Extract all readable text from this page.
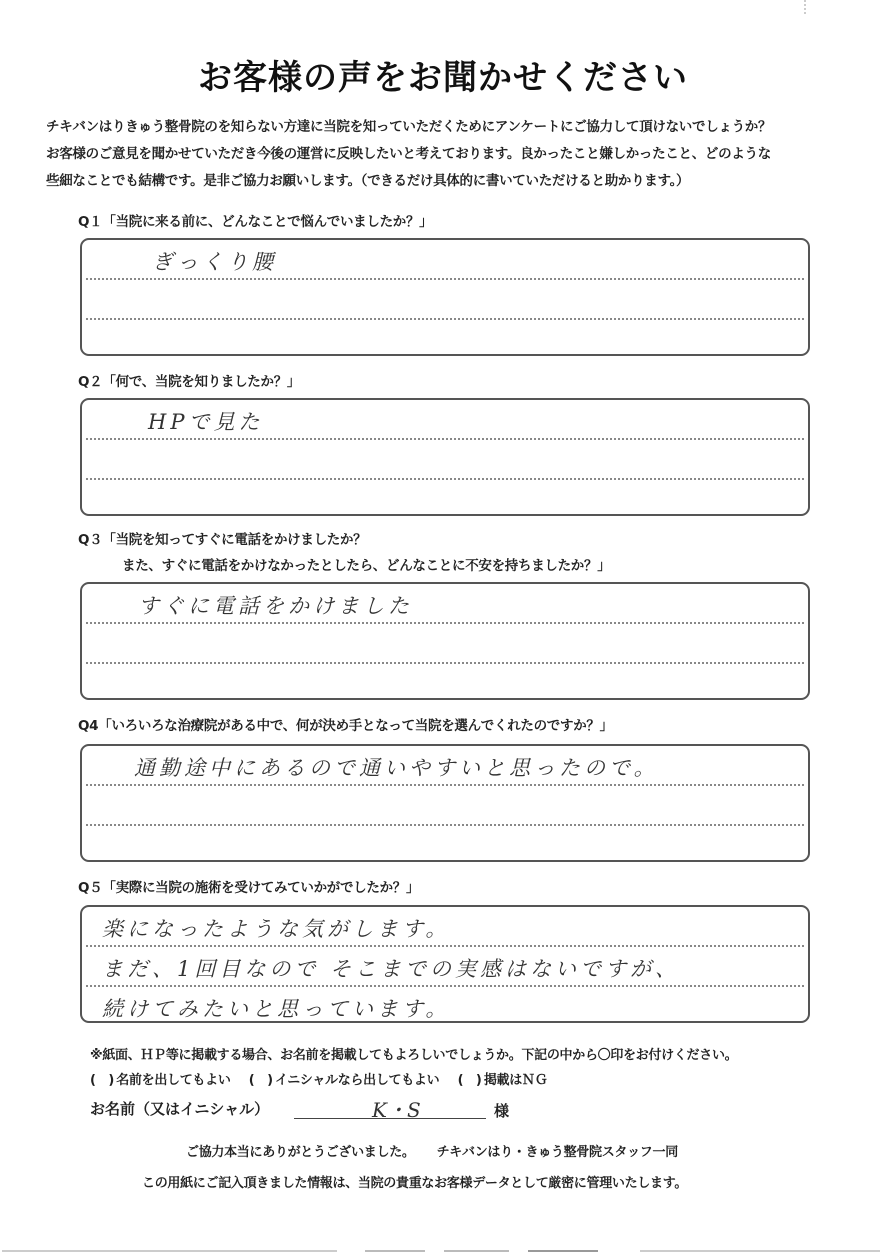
お客様の声をお聞かせください
チキバンはりきゅう整骨院のを知らない方達に当院を知っていただくためにアンケートにご協力して頂けないでしょうか？
お客様のご意見を聞かせていただき今後の運営に反映したいと考えております。良かったこと嫌しかったこと、どのような
些細なことでも結構です。是非ご協力お願いします。（できるだけ具体的に書いていただけると助かります。）
Q１「当院に来る前に、どんなことで悩んでいましたか？」
ぎっくり腰
Q２「何で、当院を知りましたか？」
HPで見た
Q３「当院を知ってすぐに電話をかけましたか？
また、すぐに電話をかけなかったとしたら、どんなことに不安を持ちましたか？」
すぐに電話をかけました
Q4「いろいろな治療院がある中で、何が決め手となって当院を選んでくれたのですか？」
通勤途中にあるので通いやすいと思ったので。
Q５「実際に当院の施術を受けてみていかがでしたか？」
楽になったような気がします。
まだ、1回目なので そこまでの実感はないですが、
続けてみたいと思っています。
※紙面、ＨＰ等に掲載する場合、お名前を掲載してもよろしいでしょうか。下記の中から〇印をお付けください。
(　) 名前を出してもよい (　) イニシャルなら出してもよい (　) 掲載はＮＧ
お名前（又はイニシャル）	K・S	様
ご協力本当にありがとうございました。 チキバンはり・きゅう整骨院スタッフ一同
この用紙にご記入頂きました情報は、当院の貴重なお客様データとして厳密に管理いたします。
